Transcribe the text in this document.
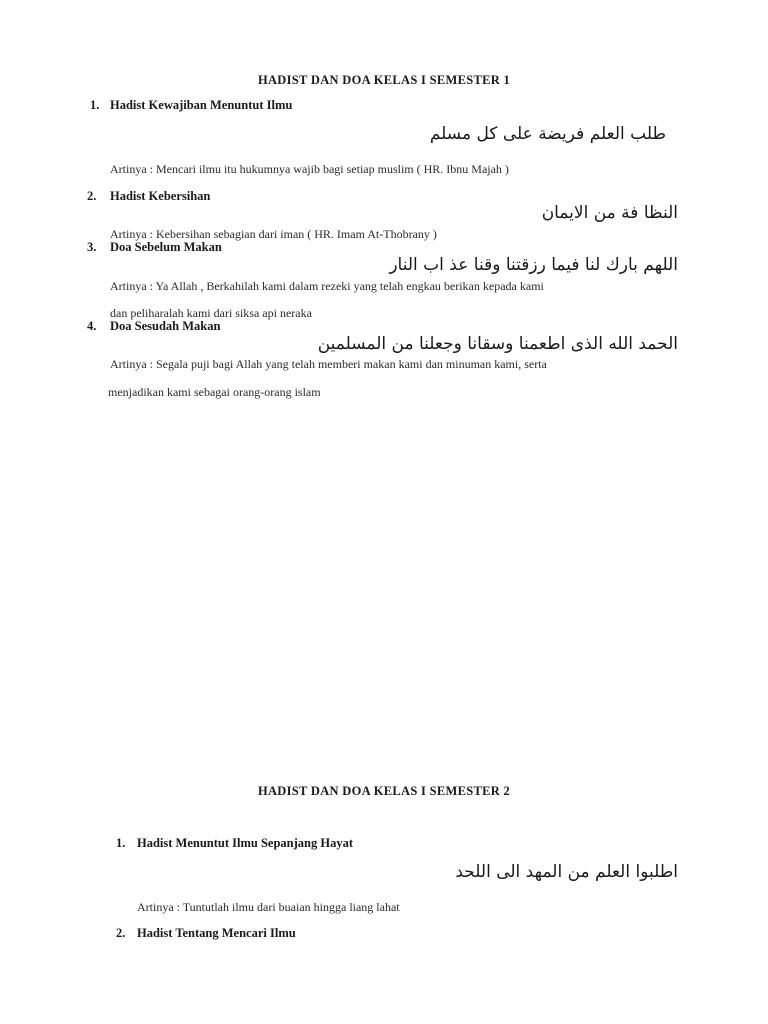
HADIST DAN DOA KELAS I SEMESTER 1
1. Hadist Kewajiban Menuntut Ilmu
طلب العلم فريضة على كل مسلم
Artinya : Mencari ilmu itu hukumnya wajib bagi setiap muslim ( HR. Ibnu Majah )
2. Hadist Kebersihan
النظا فة من الايمان
Artinya : Kebersihan sebagian dari iman ( HR. Imam At-Thobrany )
3. Doa Sebelum Makan
اللهم بارك لنا فيما رزقتنا وقنا عذ اب النار
Artinya : Ya Allah , Berkahilah kami dalam rezeki yang telah engkau berikan kepada kami
dan peliharalah kami dari siksa api neraka
4. Doa Sesudah Makan
الحمد الله الذى اطعمنا وسقانا وجعلنا من المسلمين
Artinya : Segala puji bagi Allah yang telah memberi makan kami dan minuman kami, serta
menjadikan kami sebagai orang-orang islam
HADIST DAN DOA KELAS I SEMESTER 2
1. Hadist Menuntut Ilmu Sepanjang Hayat
اطلبوا العلم من المهد الى اللحد
Artinya : Tuntutlah ilmu dari buaian hingga liang lahat
2. Hadist Tentang Mencari Ilmu
